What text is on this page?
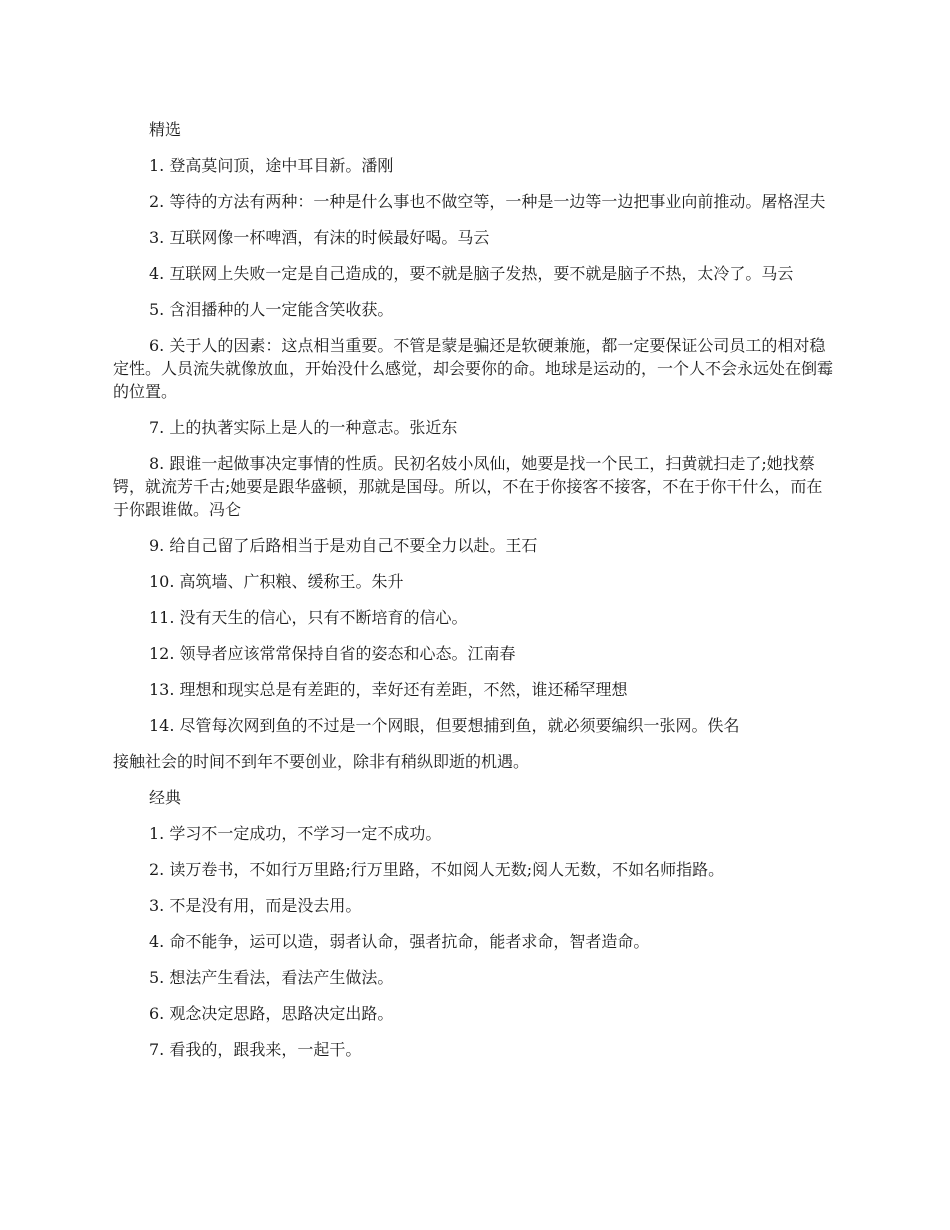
精选

1. 登高莫问顶，途中耳目新。潘刚

2. 等待的方法有两种：一种是什么事也不做空等，一种是一边等一边把事业向前推动。屠格涅夫

3. 互联网像一杯啤酒，有沫的时候最好喝。马云

4. 互联网上失败一定是自己造成的，要不就是脑子发热，要不就是脑子不热，太冷了。马云

5. 含泪播种的人一定能含笑收获。

6. 关于人的因素：这点相当重要。不管是蒙是骗还是软硬兼施，都一定要保证公司员工的相对稳定性。人员流失就像放血，开始没什么感觉，却会要你的命。地球是运动的，一个人不会永远处在倒霉的位置。

7. 上的执著实际上是人的一种意志。张近东

8. 跟谁一起做事决定事情的性质。民初名妓小凤仙，她要是找一个民工，扫黄就扫走了;她找蔡锷，就流芳千古;她要是跟华盛顿，那就是国母。所以，不在于你接客不接客，不在于你干什么，而在于你跟谁做。冯仑

9. 给自己留了后路相当于是劝自己不要全力以赴。王石

10. 高筑墙、广积粮、缓称王。朱升

11. 没有天生的信心，只有不断培育的信心。

12. 领导者应该常常保持自省的姿态和心态。江南春

13. 理想和现实总是有差距的，幸好还有差距，不然，谁还稀罕理想

14. 尽管每次网到鱼的不过是一个网眼，但要想捕到鱼，就必须要编织一张网。佚名

接触社会的时间不到年不要创业，除非有稍纵即逝的机遇。

经典

1. 学习不一定成功，不学习一定不成功。

2. 读万卷书，不如行万里路;行万里路，不如阅人无数;阅人无数，不如名师指路。

3. 不是没有用，而是没去用。

4. 命不能争，运可以造，弱者认命，强者抗命，能者求命，智者造命。

5. 想法产生看法，看法产生做法。

6. 观念决定思路，思路决定出路。

7. 看我的，跟我来，一起干。
